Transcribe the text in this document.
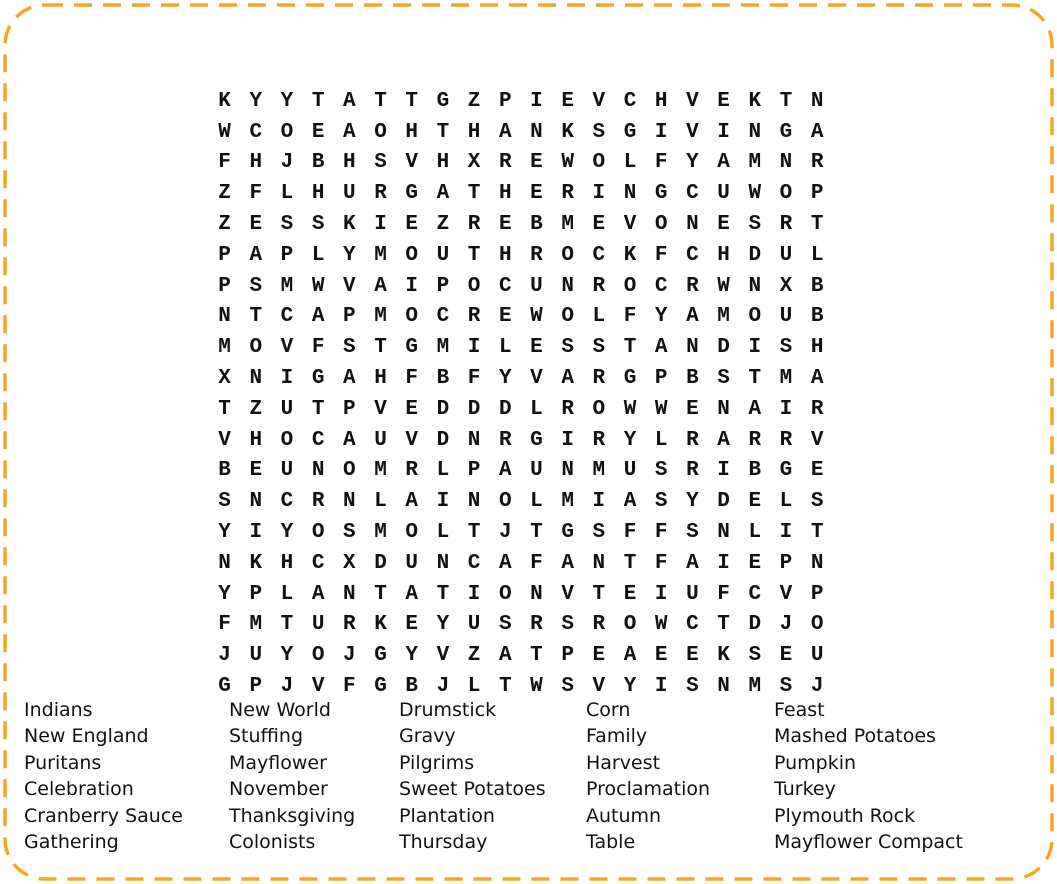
K Y Y T A T T G Z P I E V C H V E K T N
W C O E A O H T H A N K S G I V I N G A
F H J B H S V H X R E W O L F Y A M N R
Z F L H U R G A T H E R I N G C U W O P
Z E S S K I E Z R E B M E V O N E S R T
P A P L Y M O U T H R O C K F C H D U L
P S M W V A I P O C U N R O C R W N X B
N T C A P M O C R E W O L F Y A M O U B
M O V F S T G M I L E S S T A N D I S H
X N I G A H F B F Y V A R G P B S T M A
T Z U T P V E D D D L R O W W E N A I R
V H O C A U V D N R G I R Y L R A R R V
B E U N O M R L P A U N M U S R I B G E
S N C R N L A I N O L M I A S Y D E L S
Y I Y O S M O L T J T G S F F S N L I T
N K H C X D U N C A F A N T F A I E P N
Y P L A N T A T I O N V T E I U F C V P
F M T U R K E Y U S R S R O W C T D J O
J U Y O J G Y V Z A T P E A E E K S E U
G P J V F G B J L T W S V Y I S N M S J
Indians
New England
Puritans
Celebration
Cranberry Sauce
Gathering
New World
Stuffing
Mayflower
November
Thanksgiving
Colonists
Drumstick
Gravy
Pilgrims
Sweet Potatoes
Plantation
Thursday
Corn
Family
Harvest
Proclamation
Autumn
Table
Feast
Mashed Potatoes
Pumpkin
Turkey
Plymouth Rock
Mayflower Compact
